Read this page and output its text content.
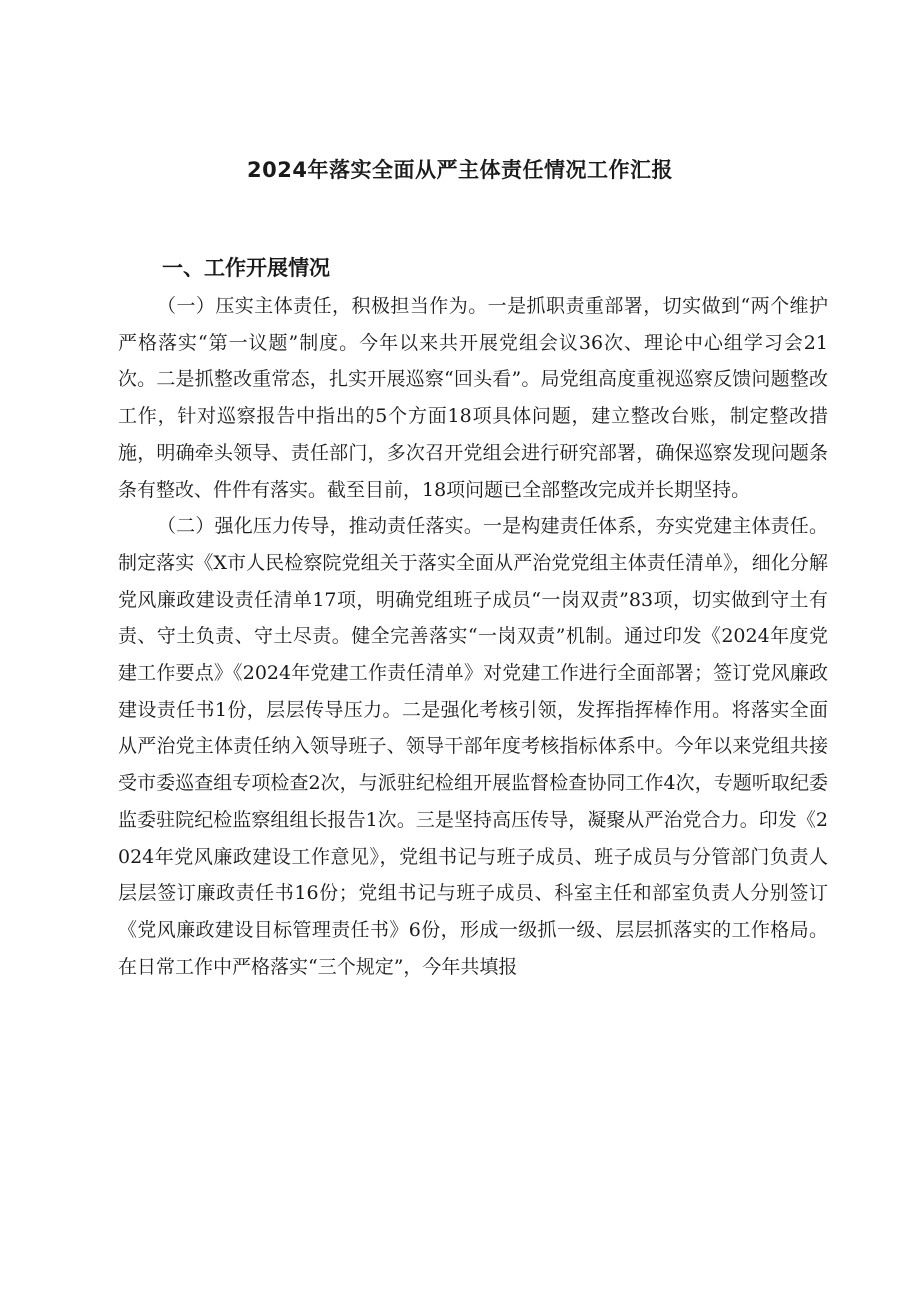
2024年落实全面从严主体责任情况工作汇报
一、工作开展情况

（一）压实主体责任，积极担当作为。一是抓职责重部署，切实做到“两个维护严格落实“第一议题”制度。今年以来共开展党组会议36次、理论中心组学习会21次。二是抓整改重常态，扎实开展巡察“回头看”。局党组高度重视巡察反馈问题整改工作，针对巡察报告中指出的5个方面18项具体问题，建立整改台账，制定整改措施，明确牵头领导、责任部门，多次召开党组会进行研究部署，确保巡察发现问题条条有整改、件件有落实。截至目前，18项问题已全部整改完成并长期坚持。

（二）强化压力传导，推动责任落实。一是构建责任体系，夯实党建主体责任。制定落实《X市人民检察院党组关于落实全面从严治党党组主体责任清单》，细化分解党风廉政建设责任清单17项，明确党组班子成员“一岗双责”83项，切实做到守土有责、守土负责、守土尽责。健全完善落实“一岗双责”机制。通过印发《2024年度党建工作要点》《2024年党建工作责任清单》对党建工作进行全面部署；签订党风廉政建设责任书1份，层层传导压力。二是强化考核引领，发挥指挥棒作用。将落实全面从严治党主体责任纳入领导班子、领导干部年度考核指标体系中。今年以来党组共接受市委巡查组专项检查2次，与派驻纪检组开展监督检查协同工作4次，专题听取纪委监委驻院纪检监察组组长报告1次。三是坚持高压传导，凝聚从严治党合力。印发《2024年党风廉政建设工作意见》，党组书记与班子成员、班子成员与分管部门负责人层层签订廉政责任书16份；党组书记与班子成员、科室主任和部室负责人分别签订《党风廉政建设目标管理责任书》6份，形成一级抓一级、层层抓落实的工作格局。在日常工作中严格落实“三个规定”，今年共填报
